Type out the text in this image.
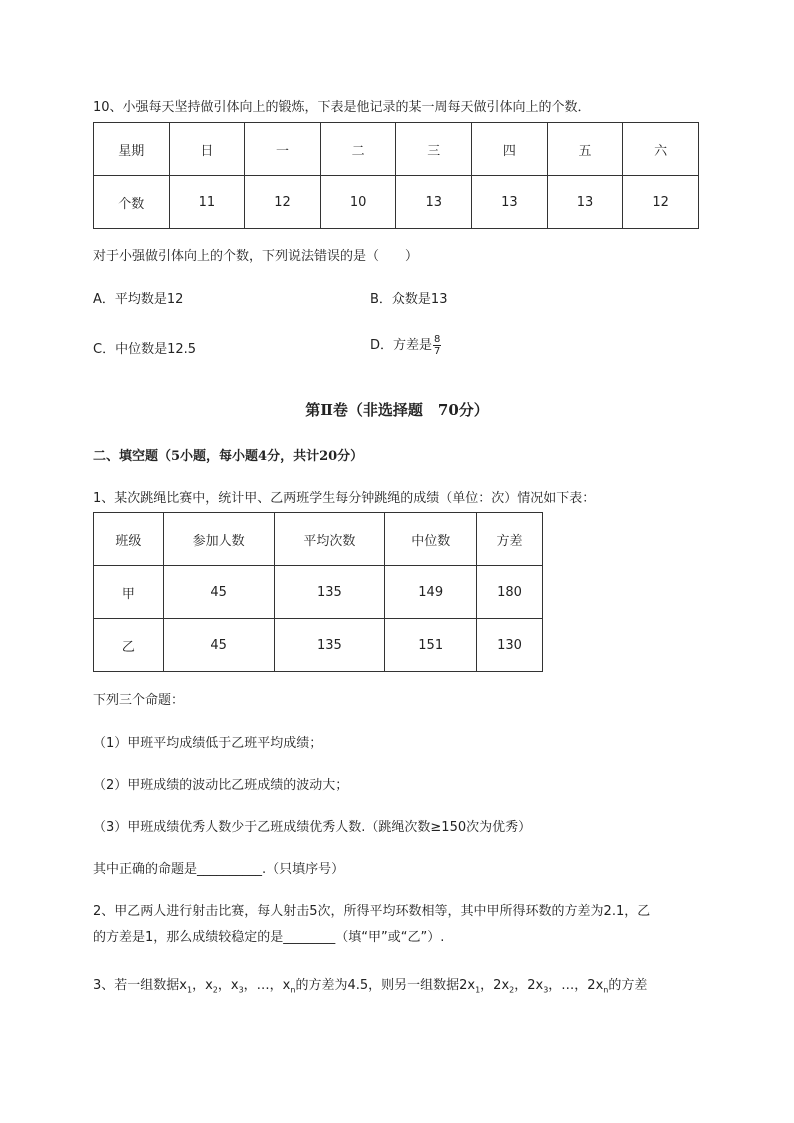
10、小强每天坚持做引体向上的锻炼，下表是他记录的某一周每天做引体向上的个数．
星期	日	一	二	三	四	五	六
个数	11	12	10	13	13	13	12
对于小强做引体向上的个数，下列说法错误的是（　　）
A．平均数是12	B．众数是13
C．中位数是12.5	D．方差是 $\frac{8}{7}$
第Ⅱ卷（非选择题　70分）
二、填空题（5小题，每小题4分，共计20分）
1、某次跳绳比赛中，统计甲、乙两班学生每分钟跳绳的成绩（单位：次）情况如下表：
班级	参加人数	平均次数	中位数	方差
甲	45	135	149	180
乙	45	135	151	130
下列三个命题：
（1）甲班平均成绩低于乙班平均成绩；
（2）甲班成绩的波动比乙班成绩的波动大；
（3）甲班成绩优秀人数少于乙班成绩优秀人数.（跳绳次数≥150次为优秀）
其中正确的命题是__________.（只填序号）
2、甲乙两人进行射击比赛，每人射击5次，所得平均环数相等，其中甲所得环数的方差为2.1，乙
的方差是1，那么成绩较稳定的是________（填“甲”或“乙”）.
3、若一组数据$x_1$，$x_2$，$x_3$，…，$x_n$的方差为4.5，则另一组数据$2x_1$，$2x_2$，$2x_3$，…，$2x_n$的方差
